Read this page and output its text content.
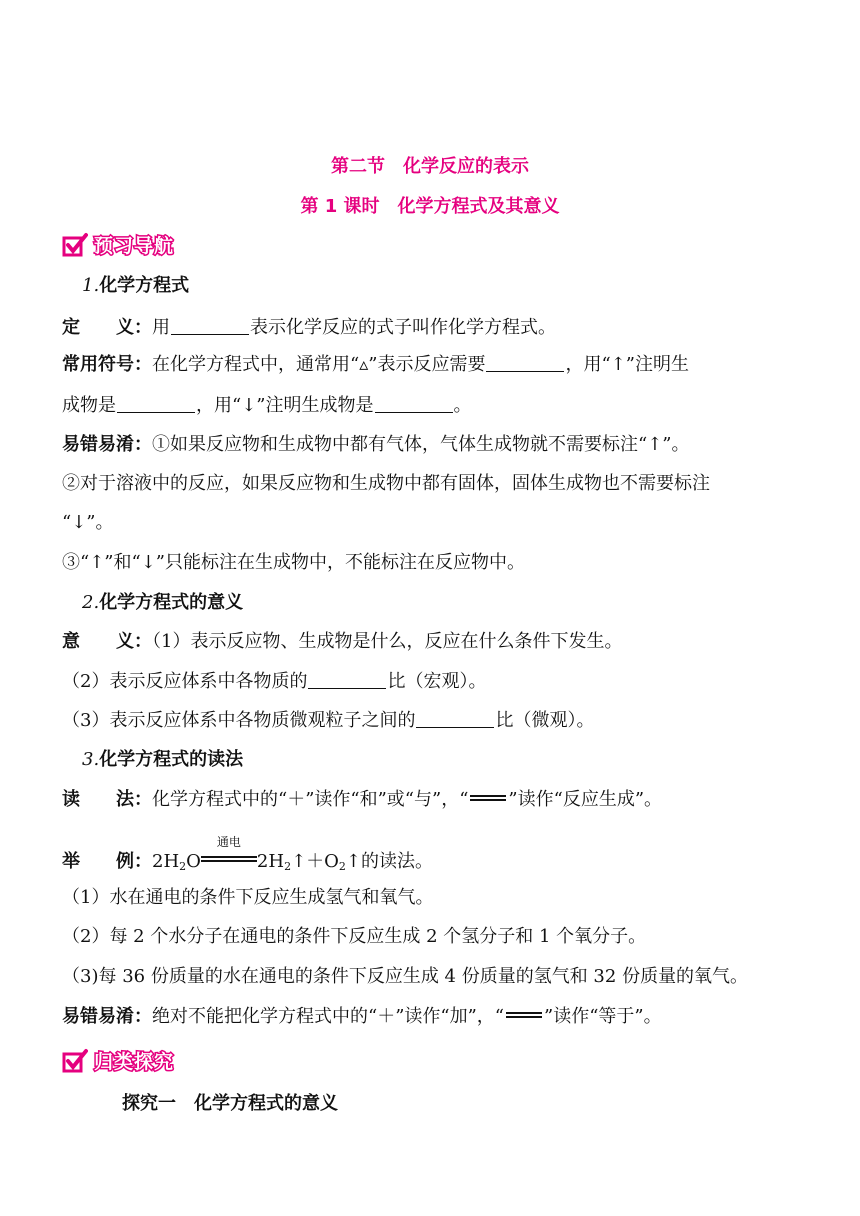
第二节　化学反应的表示
第 1 课时　化学方程式及其意义
预习导航
1.化学方程式
定　　义：用	表示化学反应的式子叫作化学方程式。
常用符号：在化学方程式中，通常用“▵”表示反应需要	，用“↑”注明生
成物是	，用“↓”注明生成物是	。
易错易淆：①如果反应物和生成物中都有气体，气体生成物就不需要标注“↑”。
②对于溶液中的反应，如果反应物和生成物中都有固体，固体生成物也不需要标注
“↓”。
③“↑”和“↓”只能标注在生成物中，不能标注在反应物中。
2.化学方程式的意义
意　　义：（1）表示反应物、生成物是什么，反应在什么条件下发生。
（2）表示反应体系中各物质的	比（宏观）。
（3）表示反应体系中各物质微观粒子之间的	比（微观）。
3.化学方程式的读法
读　　法：化学方程式中的“＋”读作“和”或“与”，“ ”读作“反应生成”。
举　　例：$2H_2O$
通电
$2H_2↑+O_2↑$的读法。
（1）水在通电的条件下反应生成氢气和氧气。
（2）每 2 个水分子在通电的条件下反应生成 2 个氢分子和 1 个氧分子。
（3)每 36 份质量的水在通电的条件下反应生成 4 份质量的氢气和 32 份质量的氧气。
易错易淆：绝对不能把化学方程式中的“＋”读作“加”，“ ”读作“等于”。
归类探究
探究一　化学方程式的意义
